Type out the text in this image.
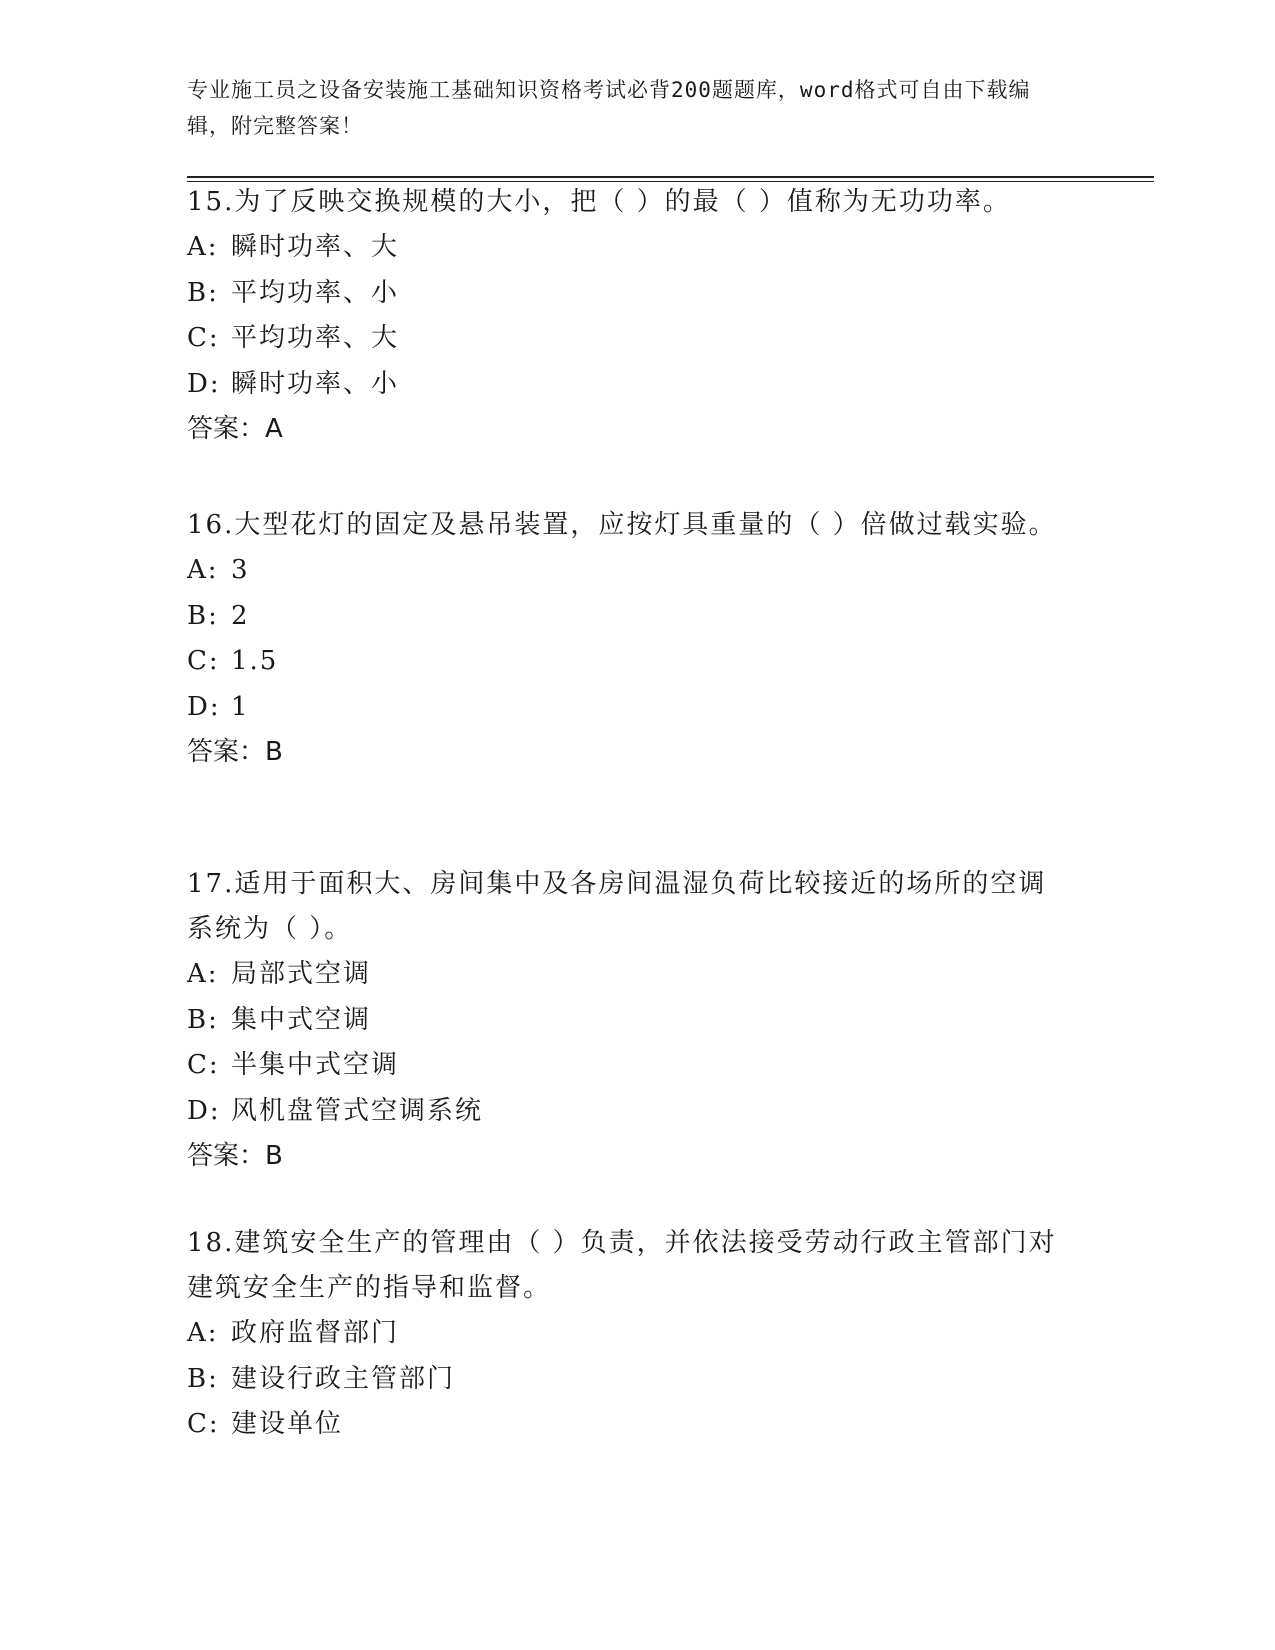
专业施工员之设备安装施工基础知识资格考试必背200题题库，word格式可自由下载编辑，附完整答案！
15.为了反映交换规模的大小，把（ ）的最（ ）值称为无功功率。
A: 瞬时功率、大
B: 平均功率、小
C: 平均功率、大
D: 瞬时功率、小
答案：A
16.大型花灯的固定及悬吊装置，应按灯具重量的（ ）倍做过载实验。
A: 3
B: 2
C: 1.5
D: 1
答案：B
17.适用于面积大、房间集中及各房间温湿负荷比较接近的场所的空调系统为（ ）。
A: 局部式空调
B: 集中式空调
C: 半集中式空调
D: 风机盘管式空调系统
答案：B
18.建筑安全生产的管理由（ ）负责，并依法接受劳动行政主管部门对建筑安全生产的指导和监督。
A: 政府监督部门
B: 建设行政主管部门
C: 建设单位
